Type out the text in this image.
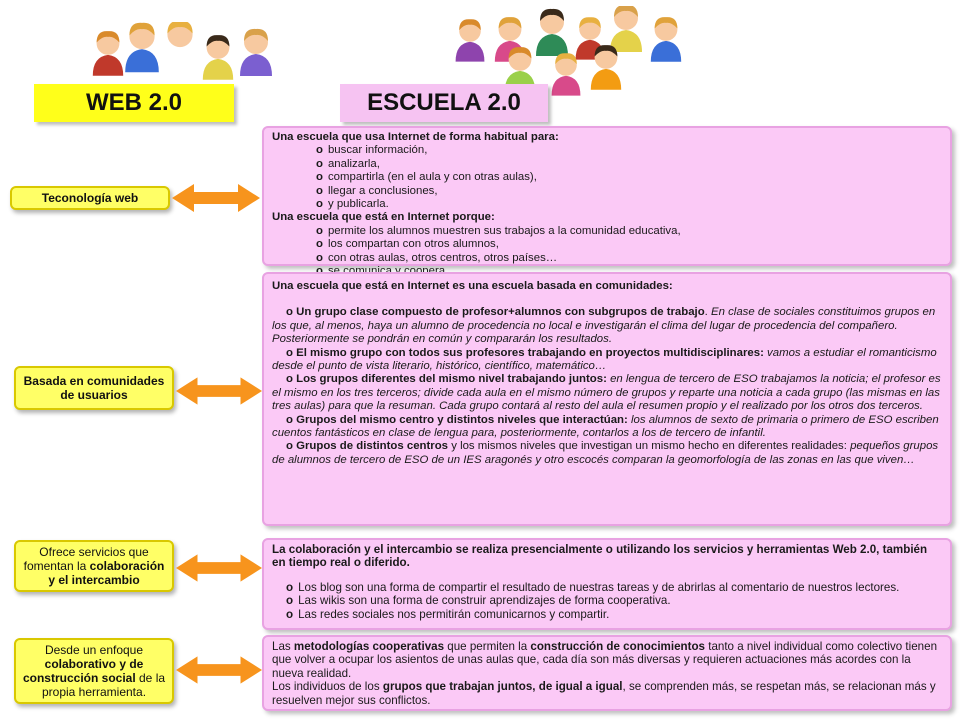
WEB 2.0	ESCUELA 2.0
Teconología web
Basada en comunidades de usuarios
Ofrece servicios que fomentan la colaboración y el intercambio
Desde un enfoque colaborativo y de construcción social de la propia herramienta.

Una escuela que usa Internet de forma habitual para:

o buscar información,
o analizarla,
o compartirla (en el aula y con otras aulas),
o llegar a conclusiones,
o y publicarla.

Una escuela que está en Internet porque:

o permite los alumnos muestren sus trabajos a la comunidad educativa,
o los compartan con otros alumnos,
o con otras aulas, otros centros, otros países…

Una escuela que está en Internet es una escuela basada en comunidades:

o Un grupo clase compuesto de profesor+alumnos con subgrupos de trabajo. En clase de sociales constituimos grupos en los que, al menos, haya un alumno de procedencia no local e investigarán el clima del lugar de procedencia del compañero. Posteriormente se pondrán en común y compararán los resultados.

o El mismo grupo con todos sus profesores trabajando en proyectos multidisciplinares: vamos a estudiar el romanticismo desde el punto de vista literario, histórico, científico, matemático…

o Los grupos diferentes del mismo nivel trabajando juntos: en lengua de tercero de ESO trabajamos la noticia; el profesor es el mismo en los tres terceros; divide cada aula en el mismo número de grupos y reparte una noticia a cada grupo (las mismas en las tres aulas) para que la resuman. Cada grupo contará al resto del aula el resumen propio y el realizado por los otros dos terceros.

o Grupos del mismo centro y distintos niveles que interactúan: los alumnos de sexto de primaria o primero de ESO escriben cuentos fantásticos en clase de lengua para, posteriormente, contarlos a los de tercero de infantil.

o Grupos de distintos centros y los mismos niveles que investigan un mismo hecho en diferentes realidades: pequeños grupos de alumnos de tercero de ESO de un IES aragonés y otro escocés comparan la geomorfología de las zonas en las que viven…

La colaboración y el intercambio se realiza presencialmente o utilizando los servicios y herramientas Web 2.0, también en tiempo real o diferido.

o Los blog son una forma de compartir el resultado de nuestras tareas y de abrirlas al comentario de nuestros lectores.

o Las wikis son una forma de construir aprendizajes de forma cooperativa.

o Las redes sociales nos permitirán comunicarnos y compartir.

Las metodologías cooperativas que permiten la construcción de conocimientos tanto a nivel individual como colectivo tienen que volver a ocupar los asientos de unas aulas que, cada día son más diversas y requieren actuaciones más acordes con la nueva realidad.

Los individuos de los grupos que trabajan juntos, de igual a igual, se comprenden más, se respetan más, se relacionan más y resuelven mejor sus conflictos.
